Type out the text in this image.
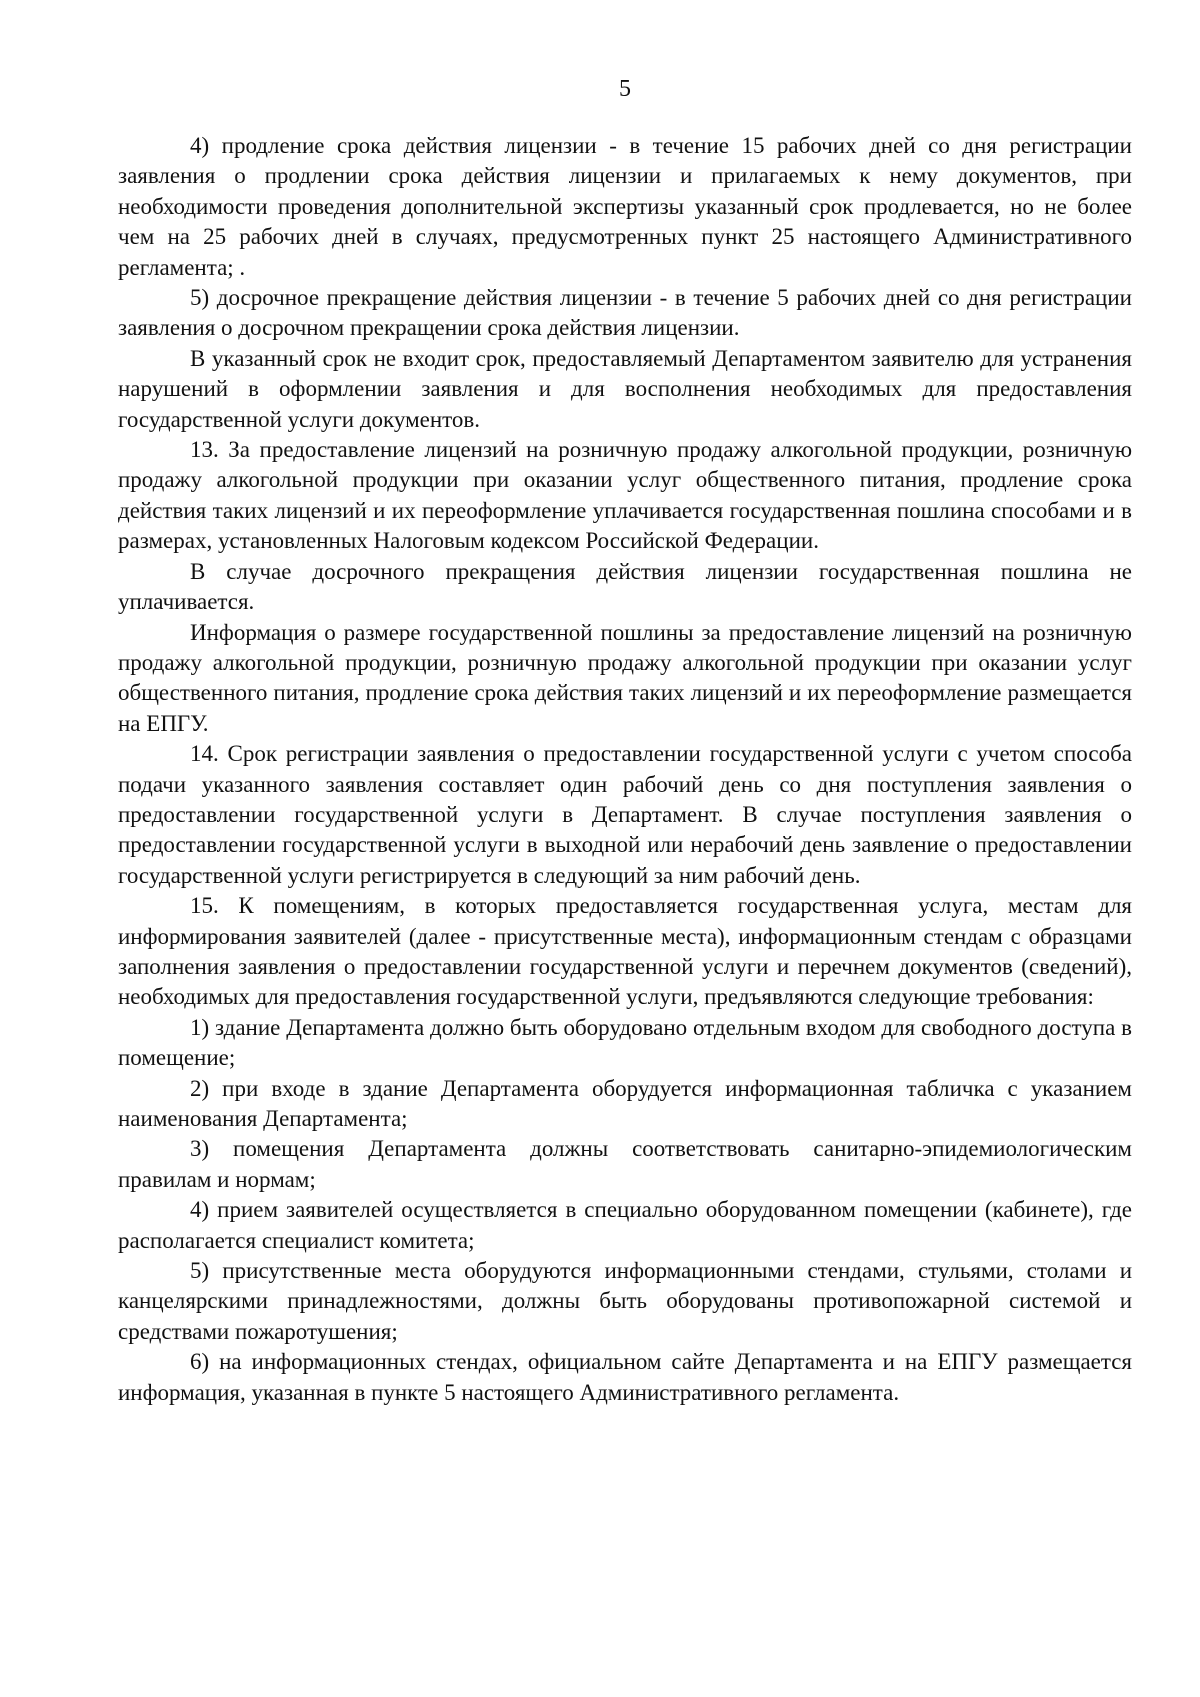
5

4) продление срока действия лицензии - в течение 15 рабочих дней со дня регистрации заявления о продлении срока действия лицензии и прилагаемых к нему документов, при необходимости проведения дополнительной экспертизы указанный срок продлевается, но не более чем на 25 рабочих дней в случаях, предусмотренных пункт 25 настоящего Административного регламента; .

5) досрочное прекращение действия лицензии - в течение 5 рабочих дней со дня регистрации заявления о досрочном прекращении срока действия лицензии.

В указанный срок не входит срок, предоставляемый Департаментом заявителю для устранения нарушений в оформлении заявления и для восполнения необходимых для предоставления государственной услуги документов.

13. За предоставление лицензий на розничную продажу алкогольной продукции, розничную продажу алкогольной продукции при оказании услуг общественного питания, продление срока действия таких лицензий и их переоформление уплачивается государственная пошлина способами и в размерах, установленных Налоговым кодексом Российской Федерации.

В случае досрочного прекращения действия лицензии государственная пошлина не уплачивается.

Информация о размере государственной пошлины за предоставление лицензий на розничную продажу алкогольной продукции, розничную продажу алкогольной продукции при оказании услуг общественного питания, продление срока действия таких лицензий и их переоформление размещается на ЕПГУ.

14. Срок регистрации заявления о предоставлении государственной услуги с учетом способа подачи указанного заявления составляет один рабочий день со дня поступления заявления о предоставлении государственной услуги в Департамент. В случае поступления заявления о предоставлении государственной услуги в выходной или нерабочий день заявление о предоставлении государственной услуги регистрируется в следующий за ним рабочий день.

15. К помещениям, в которых предоставляется государственная услуга, местам для информирования заявителей (далее - присутственные места), информационным стендам с образцами заполнения заявления о предоставлении государственной услуги и перечнем документов (сведений), необходимых для предоставления государственной услуги, предъявляются следующие требования:

1) здание Департамента должно быть оборудовано отдельным входом для свободного доступа в помещение;

2) при входе в здание Департамента оборудуется информационная табличка с указанием наименования Департамента;

3) помещения Департамента должны соответствовать санитарно-эпидемиологическим правилам и нормам;

4) прием заявителей осуществляется в специально оборудованном помещении (кабинете), где располагается специалист комитета;

5) присутственные места оборудуются информационными стендами, стульями, столами и канцелярскими принадлежностями, должны быть оборудованы противопожарной системой и средствами пожаротушения;

6) на информационных стендах, официальном сайте Департамента и на ЕПГУ размещается информация, указанная в пункте 5 настоящего Административного регламента.
